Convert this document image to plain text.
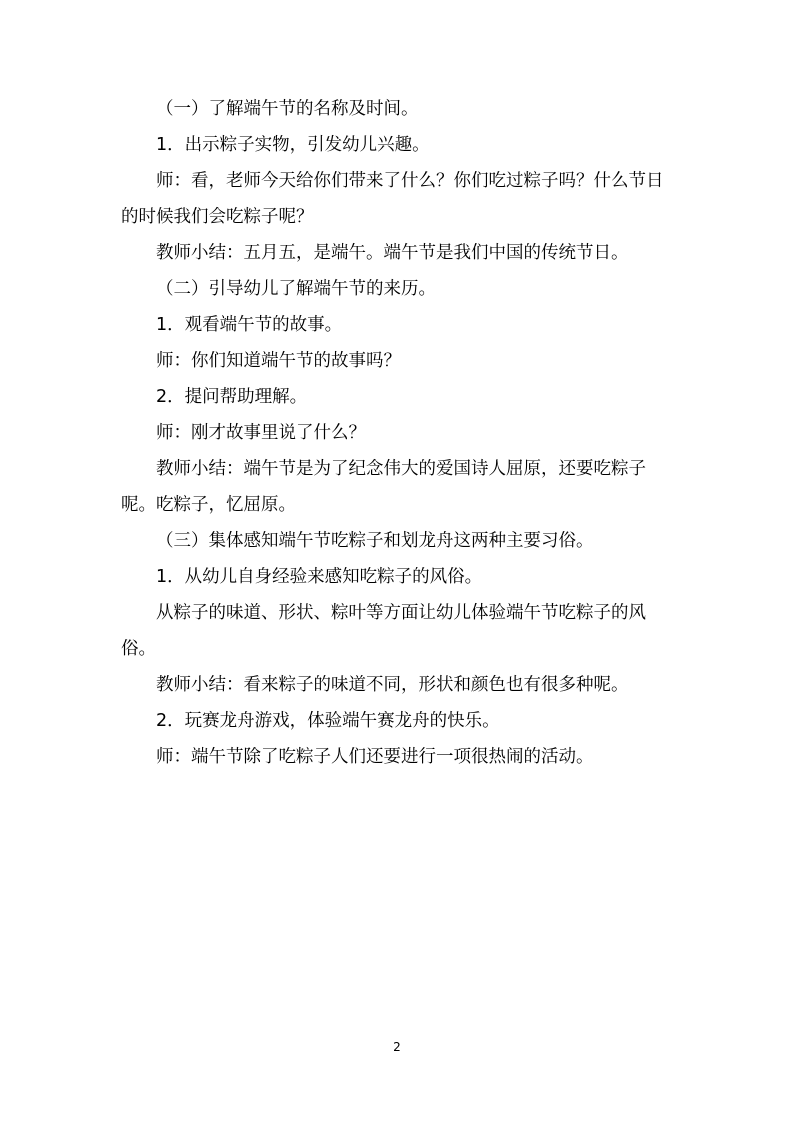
（一）了解端午节的名称及时间。

1．出示粽子实物，引发幼儿兴趣。

师：看，老师今天给你们带来了什么？你们吃过粽子吗？什么节日的时候我们会吃粽子呢？

教师小结：五月五，是端午。端午节是我们中国的传统节日。

（二）引导幼儿了解端午节的来历。

1．观看端午节的故事。

师：你们知道端午节的故事吗？

2．提问帮助理解。

师：刚才故事里说了什么？

教师小结：端午节是为了纪念伟大的爱国诗人屈原，还要吃粽子呢。吃粽子，忆屈原。

（三）集体感知端午节吃粽子和划龙舟这两种主要习俗。

1．从幼儿自身经验来感知吃粽子的风俗。

从粽子的味道、形状、粽叶等方面让幼儿体验端午节吃粽子的风俗。

教师小结：看来粽子的味道不同，形状和颜色也有很多种呢。

2．玩赛龙舟游戏，体验端午赛龙舟的快乐。

师：端午节除了吃粽子人们还要进行一项很热闹的活动。

2
